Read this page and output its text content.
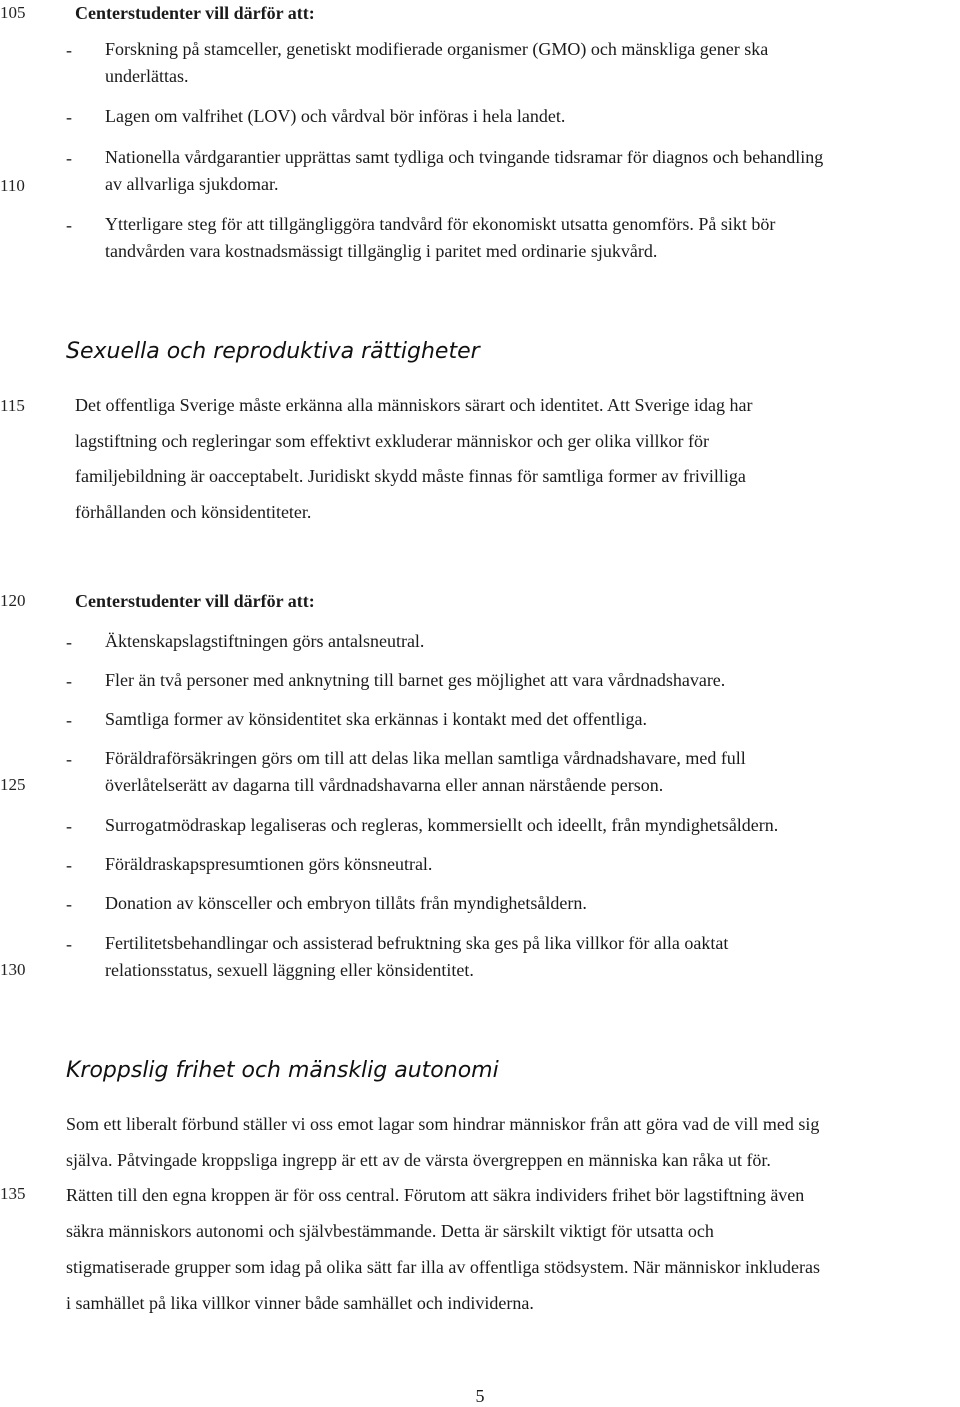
105
110
115
120
125
130
135
Centerstudenter vill därför att:
- Forskning på stamceller, genetiskt modifierade organismer (GMO) och mänskliga gener ska
underlättas.
- Lagen om valfrihet (LOV) och vårdval bör införas i hela landet.
- Nationella vårdgarantier upprättas samt tydliga och tvingande tidsramar för diagnos och behandling
av allvarliga sjukdomar.
- Ytterligare steg för att tillgängliggöra tandvård för ekonomiskt utsatta genomförs. På sikt bör
tandvården vara kostnadsmässigt tillgänglig i paritet med ordinarie sjukvård.
Sexuella och reproduktiva rättigheter
Det offentliga Sverige måste erkänna alla människors särart och identitet. Att Sverige idag har
lagstiftning och regleringar som effektivt exkluderar människor och ger olika villkor för
familjebildning är oacceptabelt. Juridiskt skydd måste finnas för samtliga former av frivilliga
förhållanden och könsidentiteter.
Centerstudenter vill därför att:
- Äktenskapslagstiftningen görs antalsneutral.
- Fler än två personer med anknytning till barnet ges möjlighet att vara vårdnadshavare.
- Samtliga former av könsidentitet ska erkännas i kontakt med det offentliga.
- Föräldraförsäkringen görs om till att delas lika mellan samtliga vårdnadshavare, med full
överlåtelserätt av dagarna till vårdnadshavarna eller annan närstående person.
- Surrogatmödraskap legaliseras och regleras, kommersiellt och ideellt, från myndighetsåldern.
- Föräldraskapspresumtionen görs könsneutral.
- Donation av könsceller och embryon tillåts från myndighetsåldern.
- Fertilitetsbehandlingar och assisterad befruktning ska ges på lika villkor för alla oaktat
relationsstatus, sexuell läggning eller könsidentitet.
Kroppslig frihet och mänsklig autonomi
Som ett liberalt förbund ställer vi oss emot lagar som hindrar människor från att göra vad de vill med sig
själva. Påtvingade kroppsliga ingrepp är ett av de värsta övergreppen en människa kan råka ut för.
Rätten till den egna kroppen är för oss central. Förutom att säkra individers frihet bör lagstiftning även
säkra människors autonomi och självbestämmande. Detta är särskilt viktigt för utsatta och
stigmatiserade grupper som idag på olika sätt far illa av offentliga stödsystem. När människor inkluderas
i samhället på lika villkor vinner både samhället och individerna.
5
